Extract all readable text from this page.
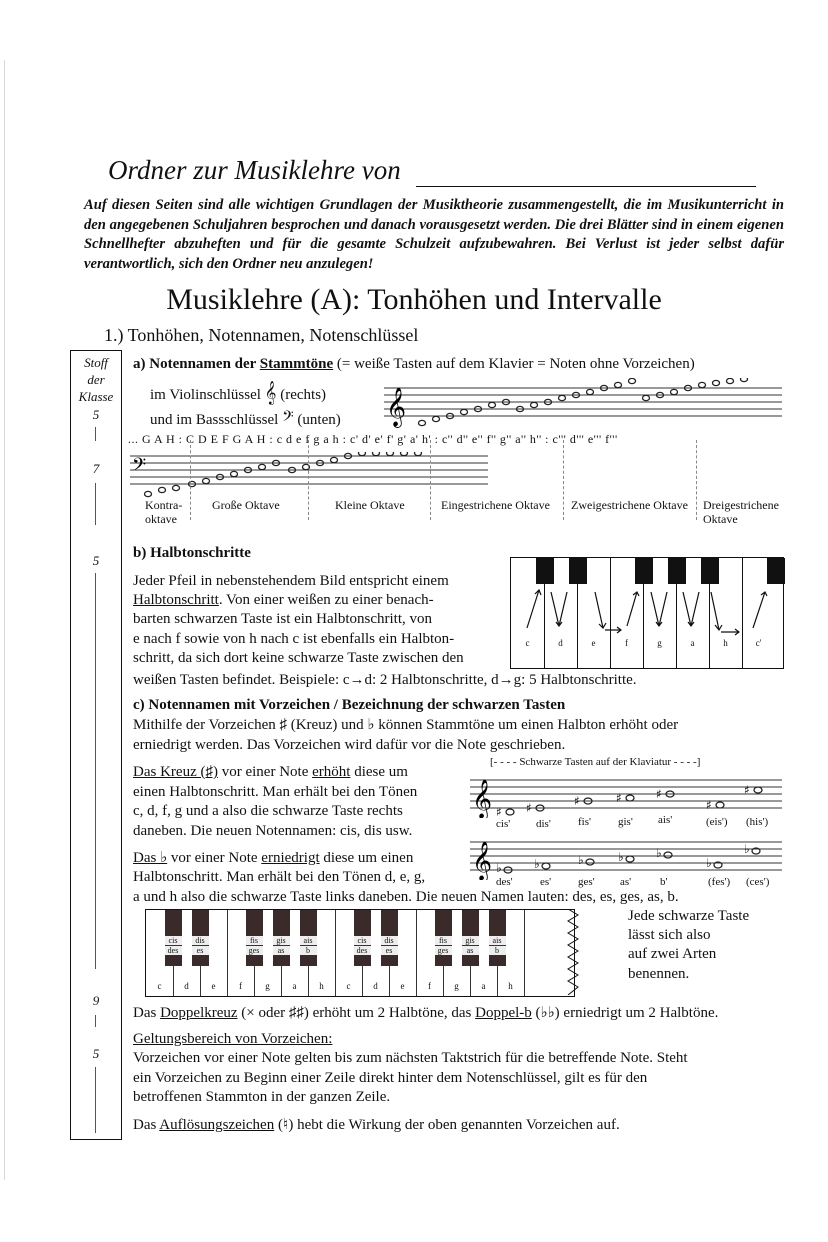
Ordner zur Musiklehre von
Auf diesen Seiten sind alle wichtigen Grundlagen der Musiktheorie zusammengestellt, die im Musikunterricht in den angegebenen Schuljahren besprochen und danach vorausgesetzt werden. Die drei Blätter sind in einem eigenen Schnellhefter abzuheften und für die gesamte Schulzeit aufzubewahren. Bei Verlust ist jeder selbst dafür verantwortlich, sich den Ordner neu anzulegen!
Musiklehre (A): Tonhöhen und Intervalle
1.) Tonhöhen, Notennamen, Notenschlüssel
Stoff
der
Klasse
5
7
5
9
5
a) Notennamen der Stammtöne (= weiße Tasten auf dem Klavier = Noten ohne Vorzeichen)
im Violinschlüssel 𝄞 (rechts)
und im Bassschlüssel 𝄢 (unten) 𝄞
... G A H : C D E F G A H : c d e f g a h : c' d' e' f' g' a' h' : c'' d'' e'' f'' g'' a'' h'' : c''' d''' e''' f'''
𝄢
Kontra-
oktave
Große Oktave	Kleine Oktave	Eingestrichene Oktave Zweigestrichene Oktave Dreigestrichene
Oktave
b) Halbtonschritte
Jeder Pfeil in nebenstehendem Bild entspricht einem
Halbtonschritt. Von einer weißen zu einer benach-
barten schwarzen Taste ist ein Halbtonschritt, von
e nach f sowie von h nach c ist ebenfalls ein Halbton-
schritt, da sich dort keine schwarze Taste zwischen den
weißen Tasten befindet. Beispiele: c→d: 2 Halbtonschritte, d→g: 5 Halbtonschritte.
c	d	e	f	g	a	h	c'
c) Notennamen mit Vorzeichen / Bezeichnung der schwarzen Tasten
Mithilfe der Vorzeichen ♯ (Kreuz) und ♭ können Stammtöne um einen Halbton erhöht oder
erniedrigt werden. Das Vorzeichen wird dafür vor die Note geschrieben.
Das Kreuz (♯) vor einer Note erhöht diese um
einen Halbtonschritt. Man erhält bei den Tönen
c, d, f, g und a also die schwarze Taste rechts
daneben. Die neuen Notennamen: cis, dis usw.
Das ♭ vor einer Note erniedrigt diese um einen
Halbtonschritt. Man erhält bei den Tönen d, e, g,
a und h also die schwarze Taste links daneben. Die neuen Namen lauten: des, es, ges, as, b.
[- - - - Schwarze Tasten auf der Klaviatur - - - -]
𝄞 ♯ ♯	♯	♯	♯
♯
♯
cis' dis' fis' gis' ais'	(eis') (his')
𝄞 ♭	♭	♭	♭	♭
♭
♭
des' es' ges' as'	b'	(fes') (ces')
c	d	e	f	g	a	h	c	d	e	f	g	a	h
cis
des
dis
es
fis
ges
gis
as
ais
b
cis
des
dis
es
fis
ges
gis
as
ais
b
Jede schwarze Taste
lässt sich also
auf zwei Arten
benennen.
Das Doppelkreuz (× oder ♯♯) erhöht um 2 Halbtöne, das Doppel-b (♭♭) erniedrigt um 2 Halbtöne.
Geltungsbereich von Vorzeichen:
Vorzeichen vor einer Note gelten bis zum nächsten Taktstrich für die betreffende Note. Steht
ein Vorzeichen zu Beginn einer Zeile direkt hinter dem Notenschlüssel, gilt es für den
betroffenen Stammton in der ganzen Zeile.
Das Auflösungszeichen (♮) hebt die Wirkung der oben genannten Vorzeichen auf.
